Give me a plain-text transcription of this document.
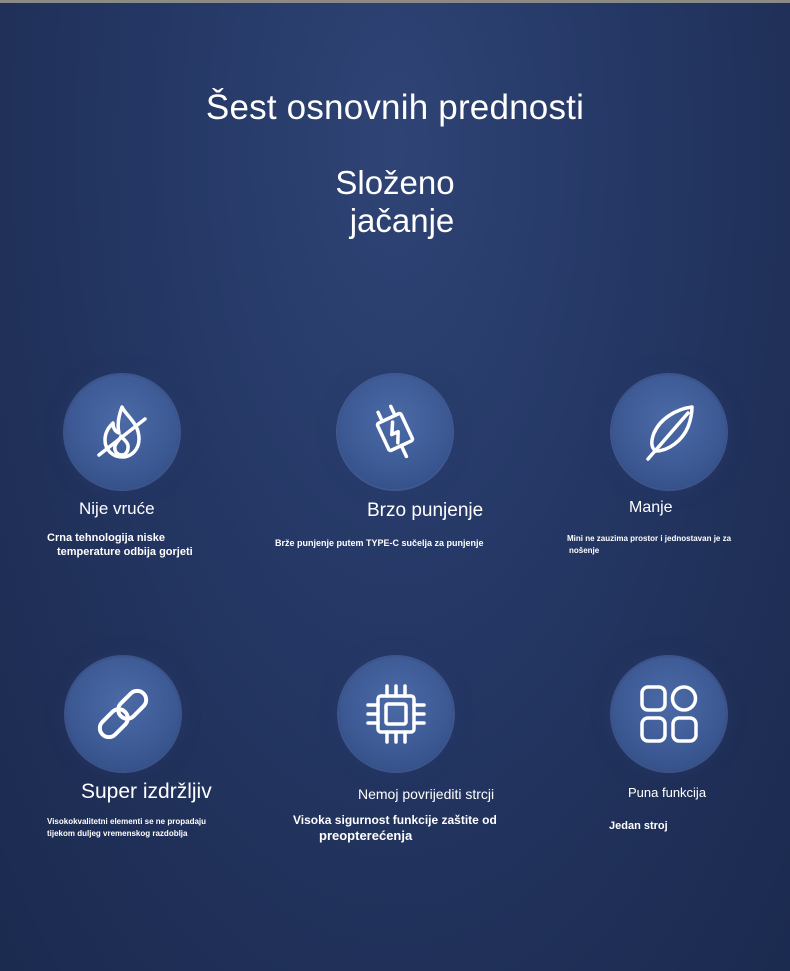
Šest osnovnih prednosti
Složeno
jačanje
Nije vruće
Crna tehnologija niske
temperature odbija gorjeti
Brzo punjenje
Brže punjenje putem TYPE-C sučelja za punjenje
Manje
Mini ne zauzima prostor i jednostavan je za
nošenje
Super izdržljiv
Visokokvalitetni elementi se ne propadaju
tijekom duljeg vremenskog razdoblja
Nemoj povrijediti strcji
Visoka sigurnost funkcije zaštite od
preopterećenja
Puna funkcija
Jedan stroj
